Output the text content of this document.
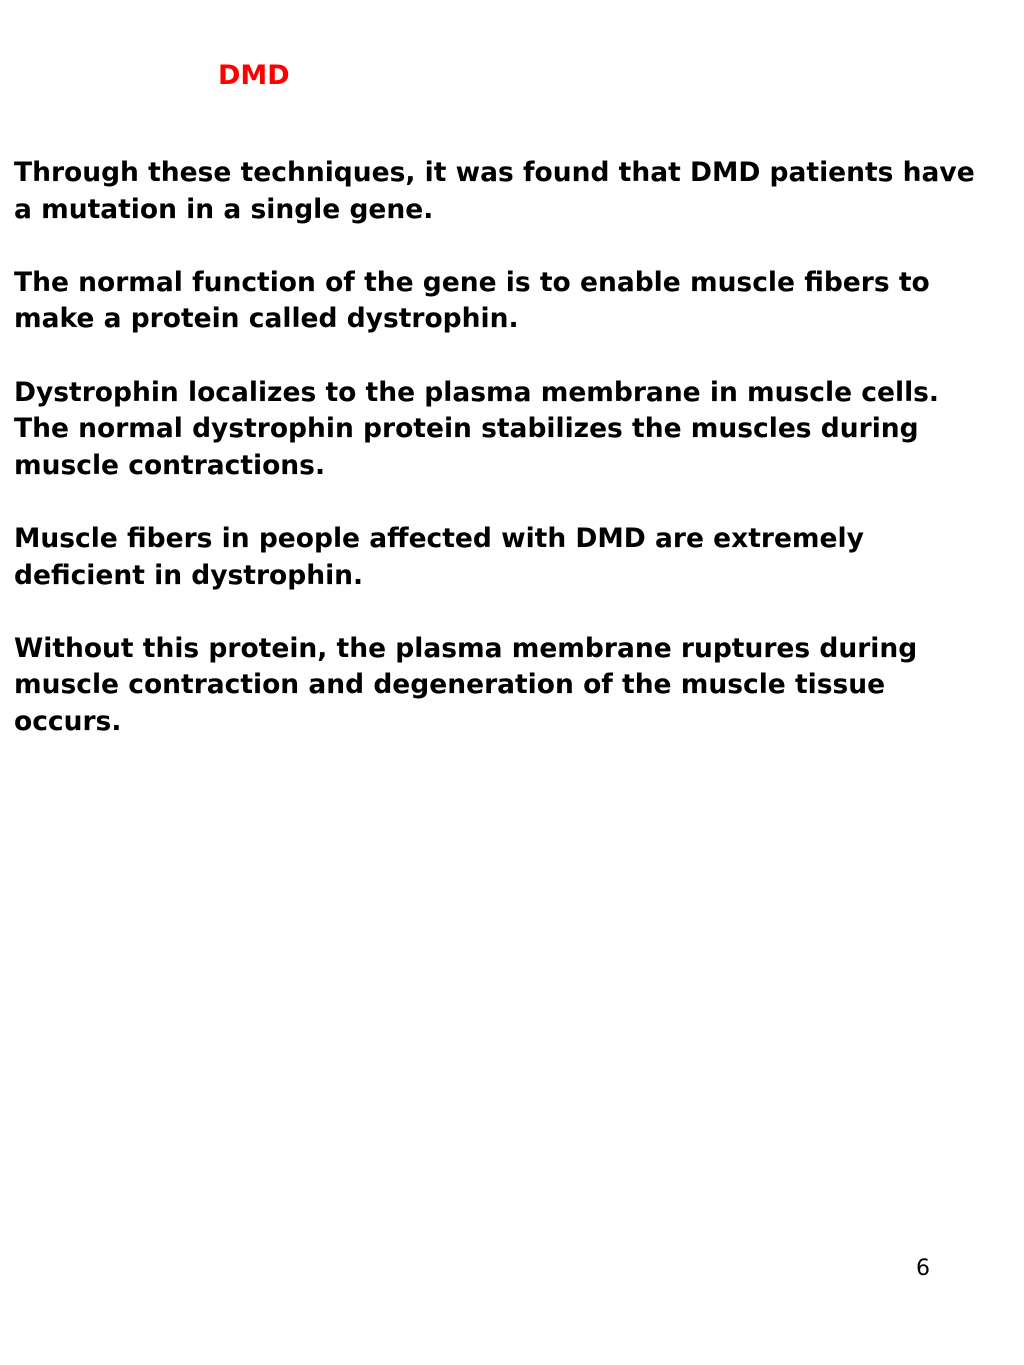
DMD

Through these techniques, it was found that DMD patients have
a mutation in a single gene.

The normal function of the gene is to enable muscle fibers to
make a protein called dystrophin.

Dystrophin localizes to the plasma membrane in muscle cells.
The normal dystrophin protein stabilizes the muscles during
muscle contractions.

Muscle fibers in people affected with DMD are extremely
deficient in dystrophin.

Without this protein, the plasma membrane ruptures during
muscle contraction and degeneration of the muscle tissue
occurs.

6
